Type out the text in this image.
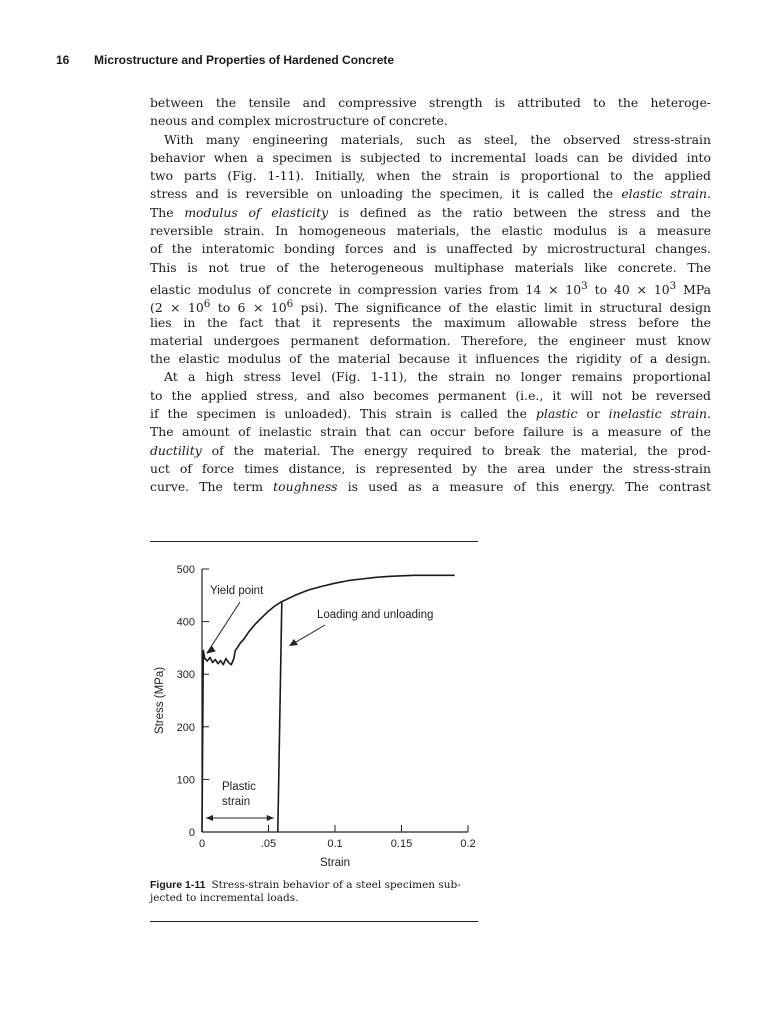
16 Microstructure and Properties of Hardened Concrete
between the tensile and compressive strength is attributed to the heteroge-
neous and complex microstructure of concrete.
With many engineering materials, such as steel, the observed stress-strain
behavior when a specimen is subjected to incremental loads can be divided into
two parts (Fig. 1-11). Initially, when the strain is proportional to the applied
stress and is reversible on unloading the specimen, it is called the elastic strain.
The modulus of elasticity is defined as the ratio between the stress and the
reversible strain. In homogeneous materials, the elastic modulus is a measure
of the interatomic bonding forces and is unaffected by microstructural changes.
This is not true of the heterogeneous multiphase materials like concrete. The
elastic modulus of concrete in compression varies from $14 \times 10^3$ to $40 \times 10^3$ MPa
($2 \times 10^6$ to $6 \times 10^6$ psi). The significance of the elastic limit in structural design
lies in the fact that it represents the maximum allowable stress before the
material undergoes permanent deformation. Therefore, the engineer must know
the elastic modulus of the material because it influences the rigidity of a design.
At a high stress level (Fig. 1-11), the strain no longer remains proportional
to the applied stress, and also becomes permanent (i.e., it will not be reversed
if the specimen is unloaded). This strain is called the plastic or inelastic strain.
The amount of inelastic strain that can occur before failure is a measure of the
ductility of the material. The energy required to break the material, the prod-
uct of force times distance, is represented by the area under the stress-strain
curve. The term toughness is used as a measure of this energy. The contrast
Strain
Stress (MPa)
0
100
200
300
400
500
0	.05	0.1	0.15	0.2
Yield point
Loading and unloading
Plastic
strain
Figure 1-11 Stress-strain behavior of a steel specimen sub-
jected to incremental loads.
